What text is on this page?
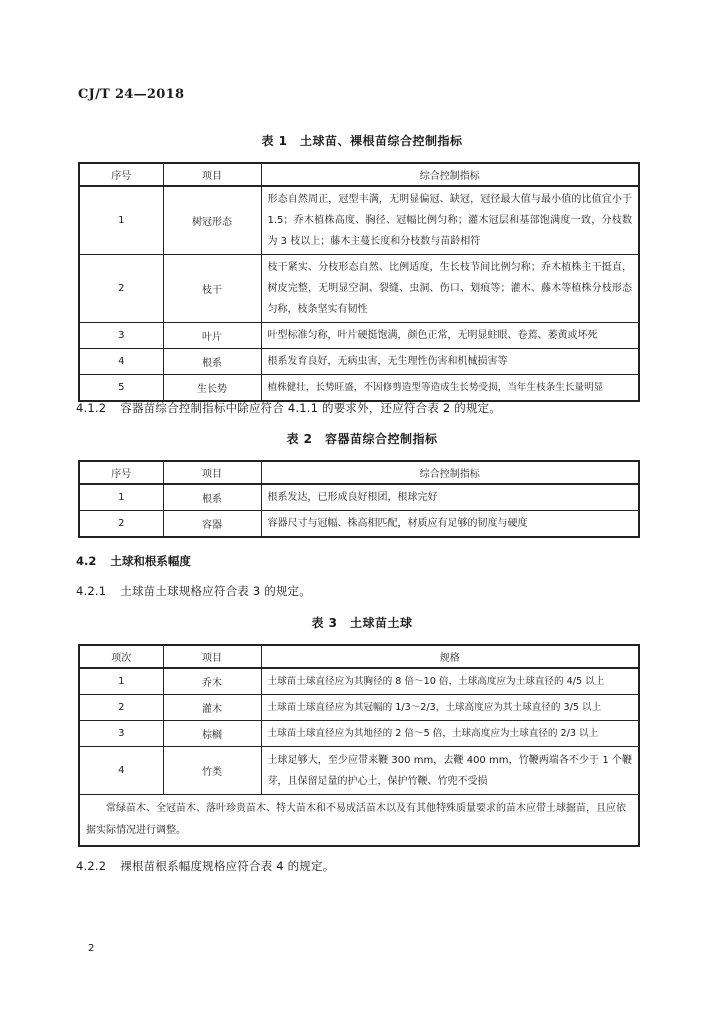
CJ/T 24—2018
表 1　土球苗、裸根苗综合控制指标
序号	项目	综合控制指标
1	树冠形态	形态自然周正，冠型丰满，无明显偏冠、缺冠，冠径最大值与最小值的比值宜小于 1.5；乔木植株高度、胸径、冠幅比例匀称；灌木冠层和基部饱满度一致，分枝数为 3 枝以上；藤木主蔓长度和分枝数与苗龄相符
2	枝干	枝干紧实、分枝形态自然、比例适度，生长枝节间比例匀称；乔木植株主干挺直，树皮完整，无明显空洞、裂缝、虫洞、伤口、划痕等；灌木、藤木等植株分枝形态匀称，枝条坚实有韧性
3	叶片	叶型标准匀称，叶片硬挺饱满，颜色正常，无明显蛀眼、卷蔫、萎黄或坏死
4	根系	根系发育良好，无病虫害，无生理性伤害和机械损害等
5	生长势	植株健壮，长势旺盛，不因修剪造型等造成生长势受损，当年生枝条生长量明显
4.1.2 容器苗综合控制指标中除应符合 4.1.1 的要求外，还应符合表 2 的规定。
表 2　容器苗综合控制指标
序号	项目	综合控制指标
1	根系	根系发达，已形成良好根团，根球完好
2	容器	容器尺寸与冠幅、株高相匹配，材质应有足够的韧度与硬度
4.2 土球和根系幅度
4.2.1 土球苗土球规格应符合表 3 的规定。
表 3　土球苗土球
项次	项目	规格
1	乔木	土球苗土球直径应为其胸径的 8 倍～10 倍，土球高度应为土球直径的 4/5 以上
2	灌木	土球苗土球直径应为其冠幅的 1/3～2/3，土球高度应为其土球直径的 3/5 以上
3	棕榈	土球苗土球直径应为其地径的 2 倍～5 倍，土球高度应为土球直径的 2/3 以上
4	竹类	土球足够大，至少应带来鞭 300 mm，去鞭 400 mm，竹鞭两端各不少于 1 个鞭芽，且保留足量的护心土，保护竹鞭、竹兜不受损
常绿苗木、全冠苗木、落叶珍贵苗木、特大苗木和不易成活苗木以及有其他特殊质量要求的苗木应带土球掘苗，且应依据实际情况进行调整。		
4.2.2 裸根苗根系幅度规格应符合表 4 的规定。
2
